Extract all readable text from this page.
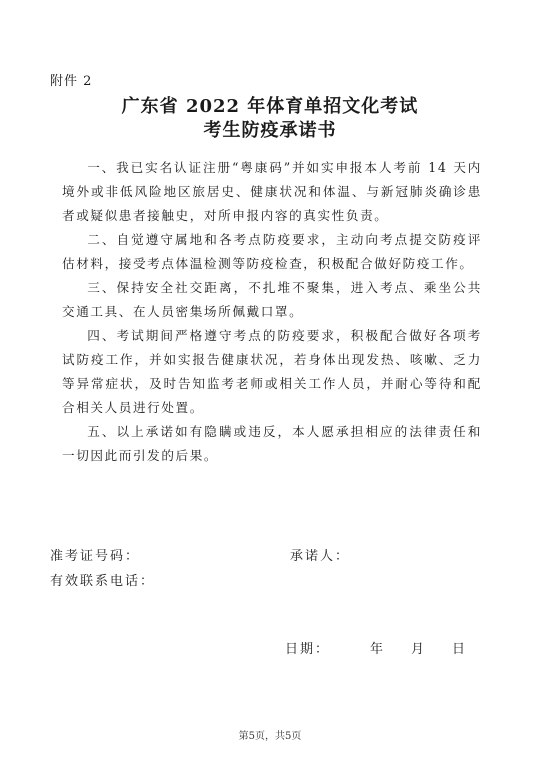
附件 2
广东省 2022 年体育单招文化考试
考生防疫承诺书
一、我已实名认证注册“粤康码”并如实申报本人考前 14 天内境外或非低风险地区旅居史、健康状况和体温、与新冠肺炎确诊患者或疑似患者接触史，对所申报内容的真实性负责。
二、自觉遵守属地和各考点防疫要求，主动向考点提交防疫评估材料，接受考点体温检测等防疫检查，积极配合做好防疫工作。
三、保持安全社交距离，不扎堆不聚集，进入考点、乘坐公共交通工具、在人员密集场所佩戴口罩。
四、考试期间严格遵守考点的防疫要求，积极配合做好各项考试防疫工作，并如实报告健康状况，若身体出现发热、咳嗽、乏力等异常症状，及时告知监考老师或相关工作人员，并耐心等待和配合相关人员进行处置。
五、以上承诺如有隐瞒或违反，本人愿承担相应的法律责任和一切因此而引发的后果。
准考证号码：	承诺人：
有效联系电话：
日期：	年 月 日
第5页，共5页
